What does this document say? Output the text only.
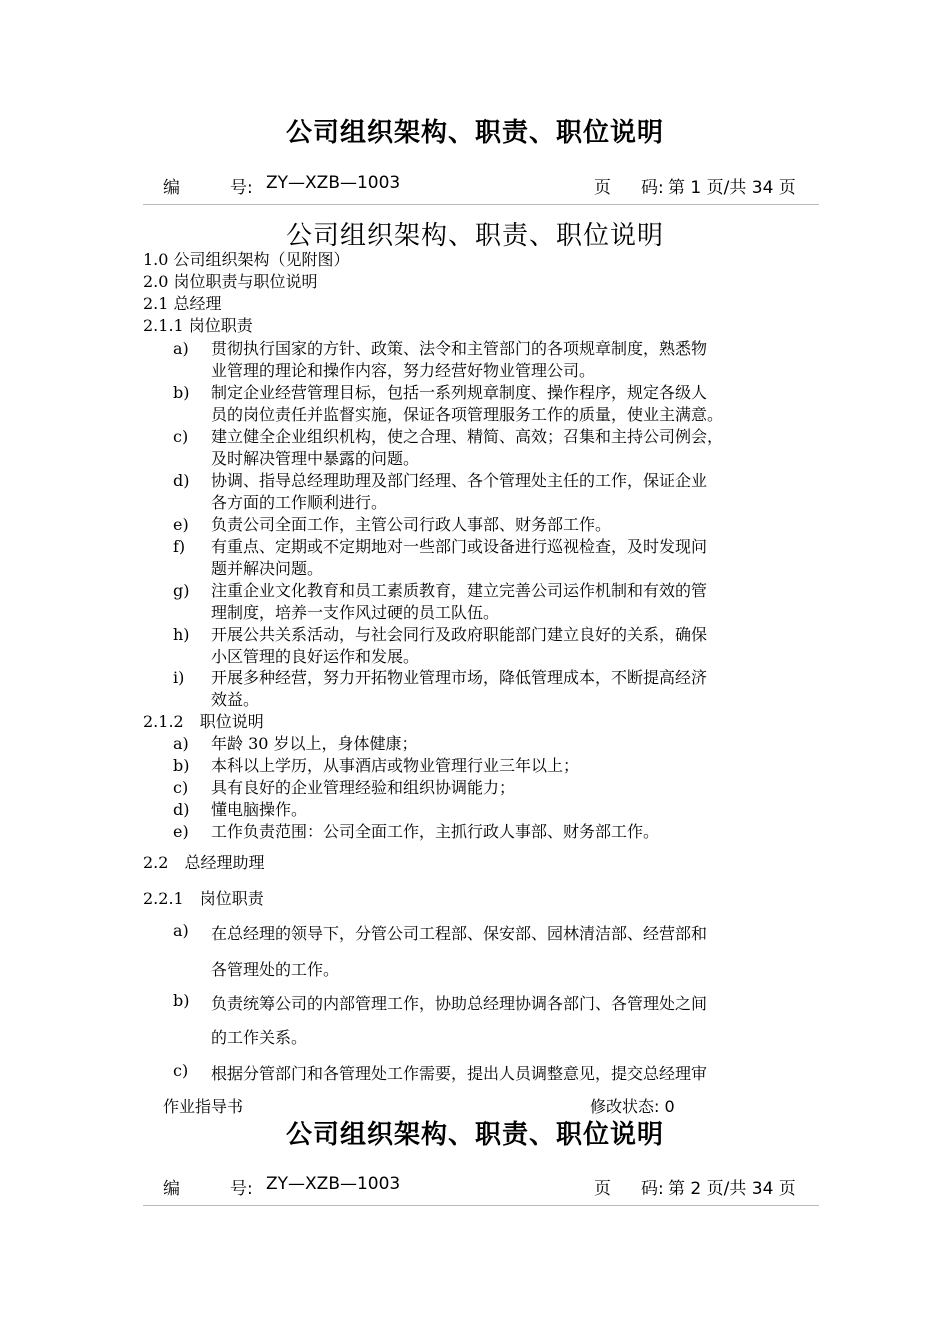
公司组织架构、职责、职位说明
编	号: ZY—XZB—1003	页 码: 第 1 页/共 34 页
公司组织架构、职责、职位说明
1.0 公司组织架构（见附图）
2.0 岗位职责与职位说明
2.1 总经理
2.1.1 岗位职责
a) 贯彻执行国家的方针、政策、法令和主管部门的各项规章制度，熟悉物
业管理的理论和操作内容，努力经营好物业管理公司。
b) 制定企业经营管理目标，包括一系列规章制度、操作程序，规定各级人
员的岗位责任并监督实施，保证各项管理服务工作的质量，使业主满意。
c) 建立健全企业组织机构，使之合理、精简、高效；召集和主持公司例会，
及时解决管理中暴露的问题。
d) 协调、指导总经理助理及部门经理、各个管理处主任的工作，保证企业
各方面的工作顺利进行。
e) 负责公司全面工作，主管公司行政人事部、财务部工作。
f) 有重点、定期或不定期地对一些部门或设备进行巡视检查，及时发现问
题并解决问题。
g) 注重企业文化教育和员工素质教育，建立完善公司运作机制和有效的管
理制度，培养一支作风过硬的员工队伍。
h) 开展公共关系活动，与社会同行及政府职能部门建立良好的关系，确保
小区管理的良好运作和发展。
i) 开展多种经营，努力开拓物业管理市场，降低管理成本，不断提高经济
效益。
2.1.2　职位说明
a) 年龄 30 岁以上，身体健康；
b) 本科以上学历，从事酒店或物业管理行业三年以上；
c) 具有良好的企业管理经验和组织协调能力；
d) 懂电脑操作。
e) 工作负责范围：公司全面工作，主抓行政人事部、财务部工作。
2.2　总经理助理
2.2.1　岗位职责
a) 在总经理的领导下，分管公司工程部、保安部、园林清洁部、经营部和
各管理处的工作。
b) 负责统筹公司的内部管理工作，协助总经理协调各部门、各管理处之间
的工作关系。
c) 根据分管部门和各管理处工作需要，提出人员调整意见，提交总经理审
作业指导书	修改状态: 0
公司组织架构、职责、职位说明
编	号: ZY—XZB—1003	页 码: 第 2 页/共 34 页
